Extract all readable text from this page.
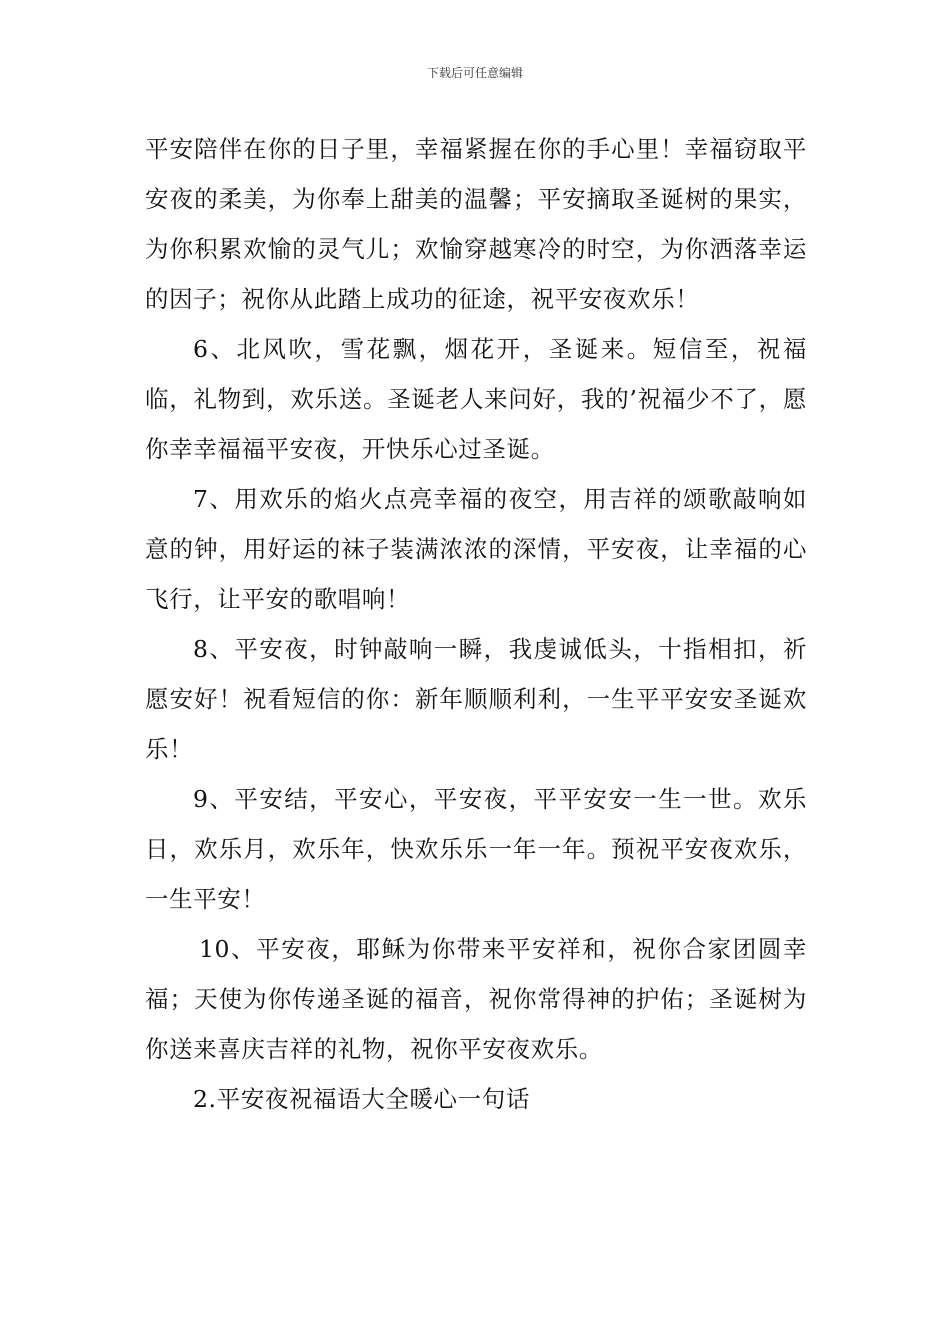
下载后可任意编辑

平安陪伴在你的日子里，幸福紧握在你的手心里！幸福窃取平安夜的柔美，为你奉上甜美的温馨；平安摘取圣诞树的果实，为你积累欢愉的灵气儿；欢愉穿越寒冷的时空，为你洒落幸运的因子；祝你从此踏上成功的征途，祝平安夜欢乐！

6、北风吹，雪花飘，烟花开，圣诞来。短信至，祝福临，礼物到，欢乐送。圣诞老人来问好，我的’祝福少不了，愿你幸幸福福平安夜，开快乐心过圣诞。

7、用欢乐的焰火点亮幸福的夜空，用吉祥的颂歌敲响如意的钟，用好运的袜子装满浓浓的深情，平安夜，让幸福的心飞行，让平安的歌唱响！

8、平安夜，时钟敲响一瞬，我虔诚低头，十指相扣，祈愿安好！祝看短信的你：新年顺顺利利，一生平平安安圣诞欢乐！

9、平安结，平安心，平安夜，平平安安一生一世。欢乐日，欢乐月，欢乐年，快欢乐乐一年一年。预祝平安夜欢乐，一生平安！

10、平安夜，耶稣为你带来平安祥和，祝你合家团圆幸福；天使为你传递圣诞的福音，祝你常得神的护佑；圣诞树为你送来喜庆吉祥的礼物，祝你平安夜欢乐。

2.平安夜祝福语大全暖心一句话
